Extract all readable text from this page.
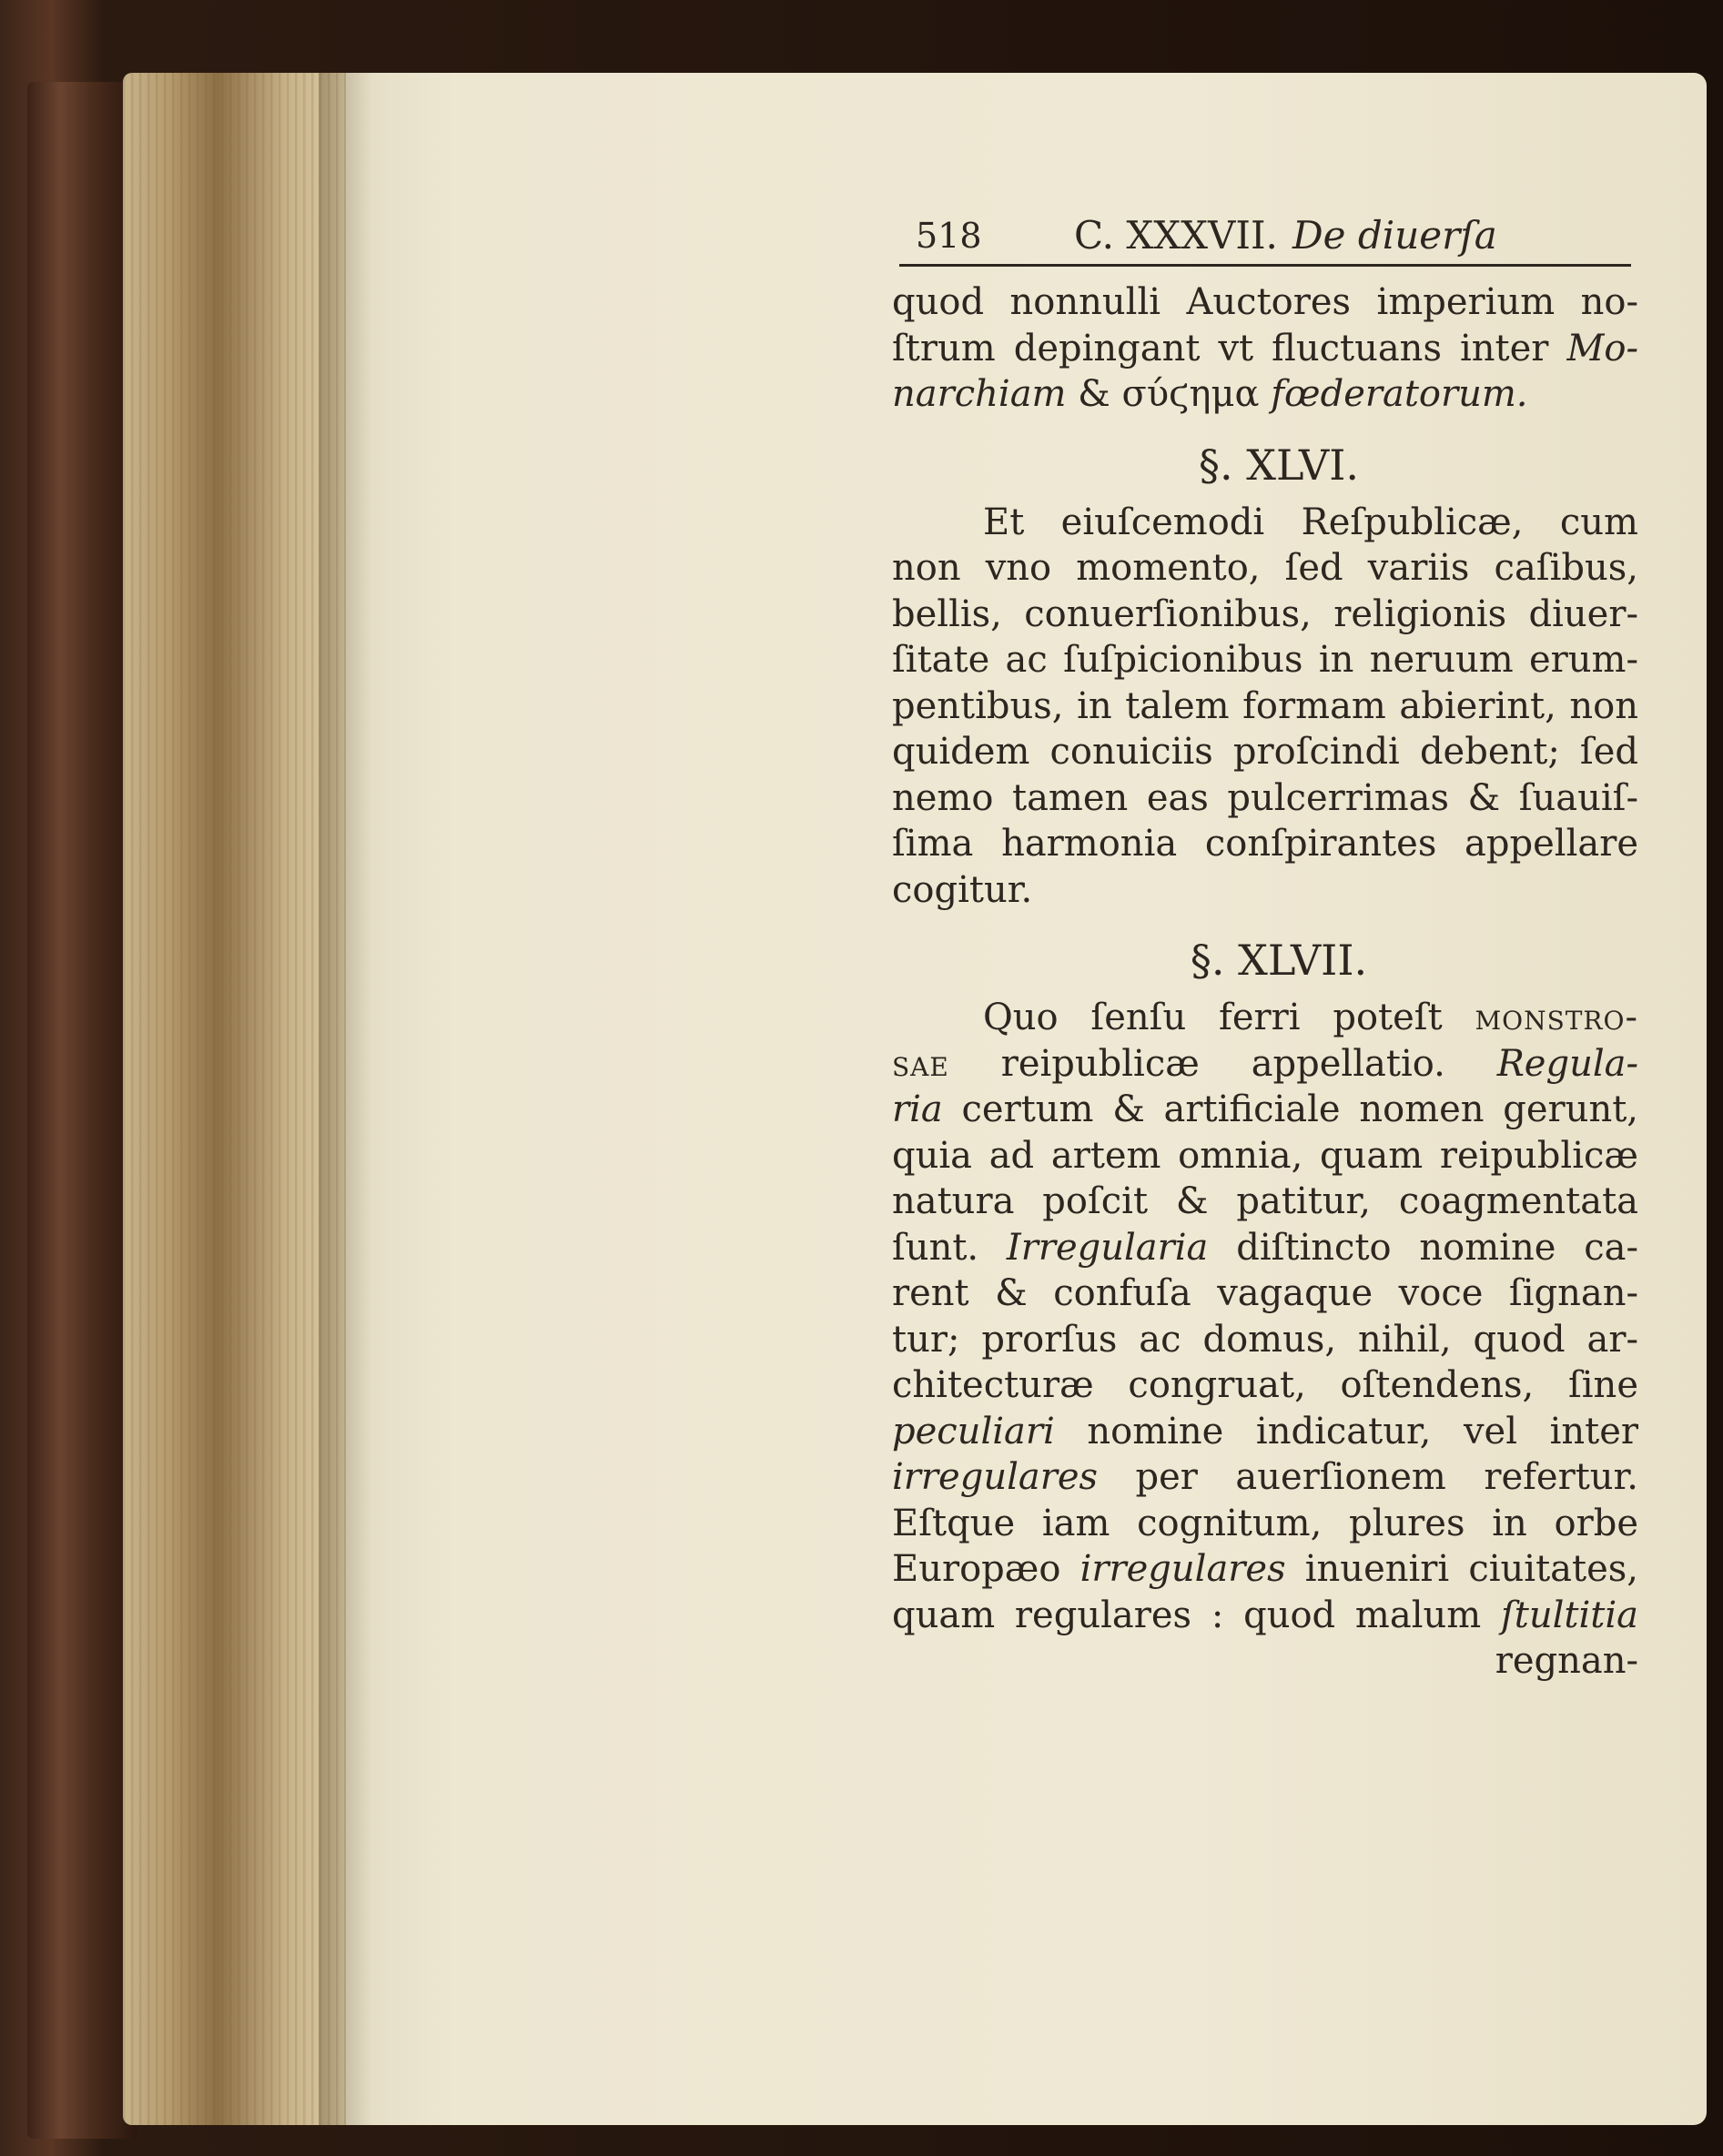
518 C. XXXVII. De diuerſa
quod nonnulli Auctores imperium no-
ſtrum depingant vt fluctuans inter Mo-
narchiam & σύϛημα fœderatorum.
§. XLVI.
Et eiuſcemodi Reſpublicæ, cum
non vno momento, ſed variis caſibus,
bellis, conuerſionibus, religionis diuer-
ſitate ac ſuſpicionibus in neruum erum-
pentibus, in talem formam abierint, non
quidem conuiciis proſcindi debent; ſed
nemo tamen eas pulcerrimas & ſuauiſ-
ſima harmonia conſpirantes appellare
cogitur.
§. XLVII.
Quo ſenſu ferri poteſt monstro-
sae reipublicæ appellatio. Regula-
ria certum & artificiale nomen gerunt,
quia ad artem omnia, quam reipublicæ
natura poſcit & patitur, coagmentata
ſunt. Irregularia diſtincto nomine ca-
rent & confuſa vagaque voce ſignan-
tur; prorſus ac domus, nihil, quod ar-
chitecturæ congruat, oſtendens, ſine
peculiari nomine indicatur, vel inter
irregulares per auerſionem refertur.
Eſtque iam cognitum, plures in orbe
Europæo irregulares inueniri ciuitates,
quam regulares : quod malum ſtultitia
regnan-
